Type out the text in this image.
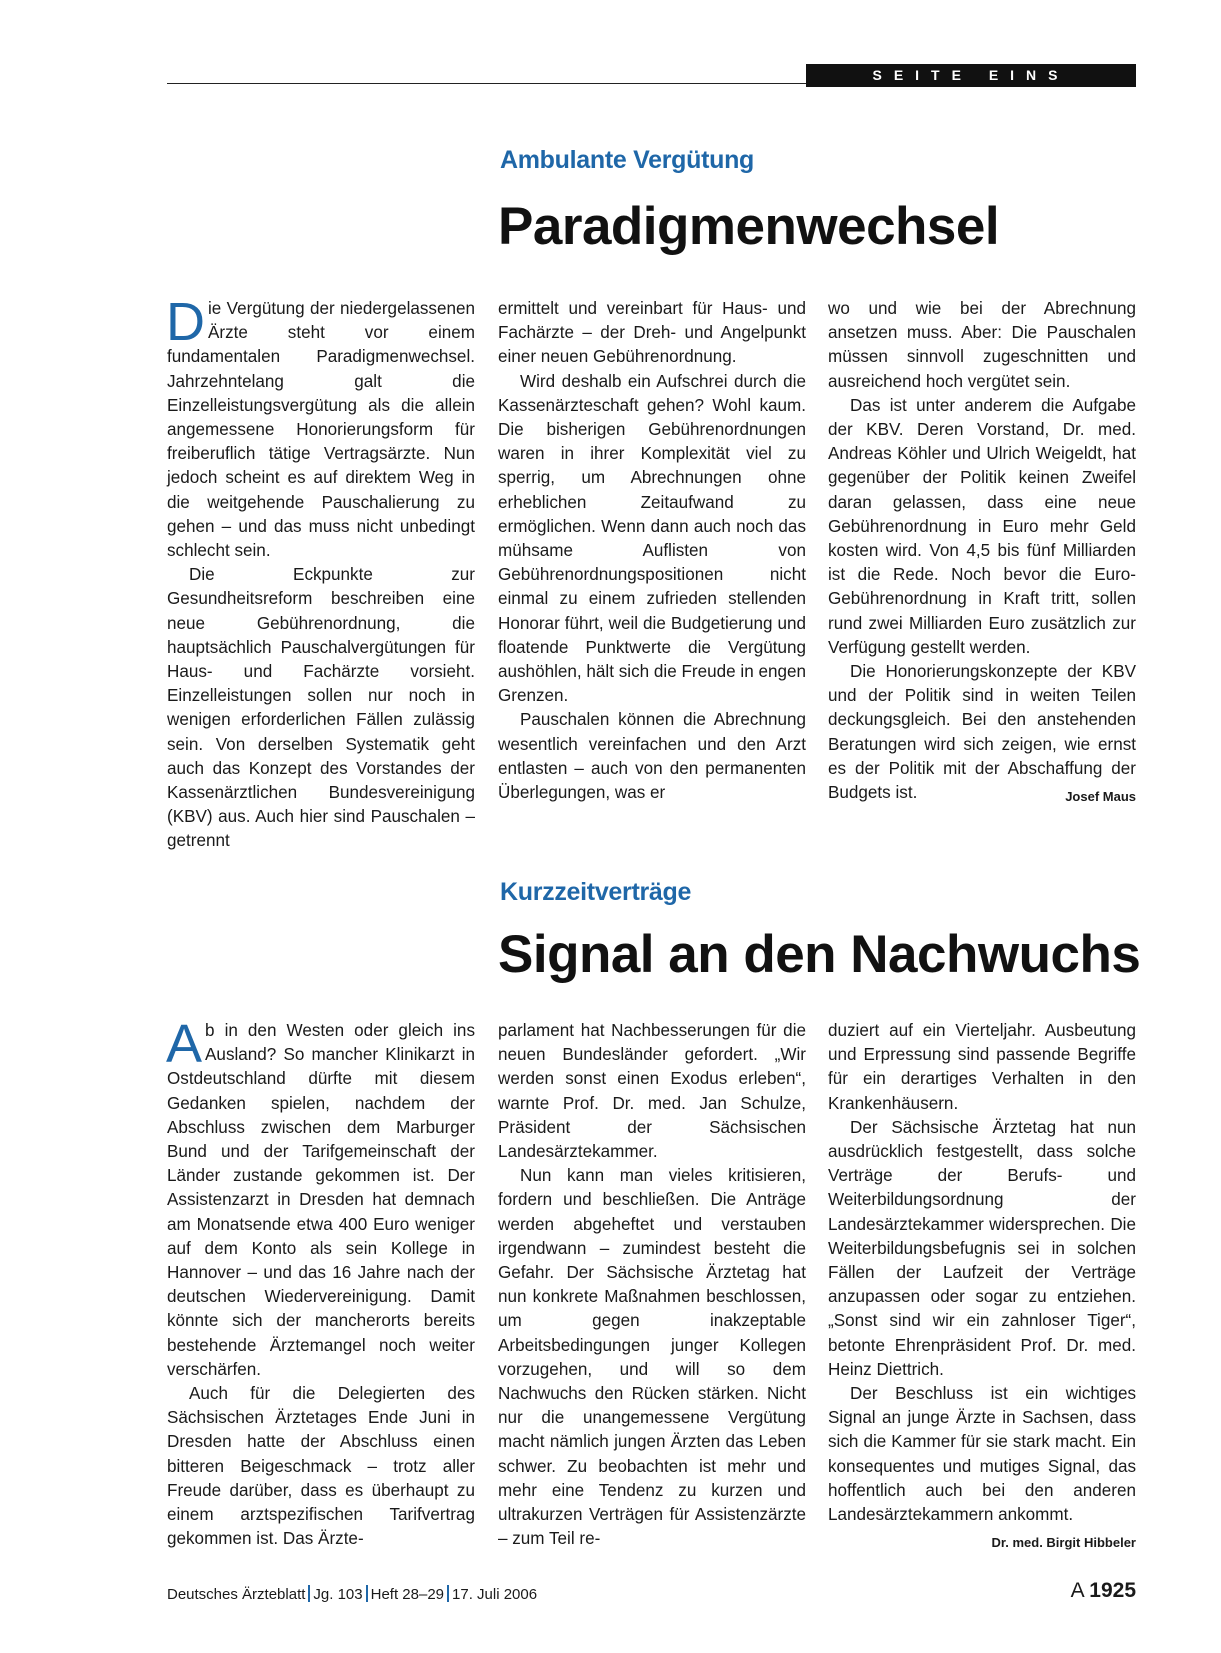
SEITE EINS
Ambulante Vergütung
Paradigmenwechsel

Die Vergütung der niedergelassenen Ärzte steht vor einem fundamentalen Paradigmenwechsel. Jahrzehntelang galt die Einzelleistungsvergütung als die allein angemessene Honorierungsform für freiberuflich tätige Vertragsärzte. Nun jedoch scheint es auf direktem Weg in die weitgehende Pauschalierung zu gehen – und das muss nicht unbedingt schlecht sein.

Die Eckpunkte zur Gesundheitsreform beschreiben eine neue Gebührenordnung, die hauptsächlich Pauschalvergütungen für Haus- und Fachärzte vorsieht. Einzelleistungen sollen nur noch in wenigen erforderlichen Fällen zulässig sein. Von derselben Systematik geht auch das Konzept des Vorstandes der Kassenärztlichen Bundesvereinigung (KBV) aus. Auch hier sind Pauschalen – getrennt

ermittelt und vereinbart für Haus- und Fachärzte – der Dreh- und Angelpunkt einer neuen Gebührenordnung.

Wird deshalb ein Aufschrei durch die Kassenärzteschaft gehen? Wohl kaum. Die bisherigen Gebührenordnungen waren in ihrer Komplexität viel zu sperrig, um Abrechnungen ohne erheblichen Zeitaufwand zu ermöglichen. Wenn dann auch noch das mühsame Auflisten von Gebührenordnungspositionen nicht einmal zu einem zufrieden stellenden Honorar führt, weil die Budgetierung und floatende Punktwerte die Vergütung aushöhlen, hält sich die Freude in engen Grenzen.

Pauschalen können die Abrechnung wesentlich vereinfachen und den Arzt entlasten – auch von den permanenten Überlegungen, was er

wo und wie bei der Abrechnung ansetzen muss. Aber: Die Pauschalen müssen sinnvoll zugeschnitten und ausreichend hoch vergütet sein.

Das ist unter anderem die Aufgabe der KBV. Deren Vorstand, Dr. med. Andreas Köhler und Ulrich Weigeldt, hat gegenüber der Politik keinen Zweifel daran gelassen, dass eine neue Gebührenordnung in Euro mehr Geld kosten wird. Von 4,5 bis fünf Milliarden ist die Rede. Noch bevor die Euro-Gebührenordnung in Kraft tritt, sollen rund zwei Milliarden Euro zusätzlich zur Verfügung gestellt werden.

Die Honorierungskonzepte der KBV und der Politik sind in weiten Teilen deckungsgleich. Bei den anstehenden Beratungen wird sich zeigen, wie ernst es der Politik mit der Abschaffung der Budgets ist.	Josef Maus

Kurzzeitverträge
Signal an den Nachwuchs

Ab in den Westen oder gleich ins Ausland? So mancher Klinikarzt in Ostdeutschland dürfte mit diesem Gedanken spielen, nachdem der Abschluss zwischen dem Marburger Bund und der Tarifgemeinschaft der Länder zustande gekommen ist. Der Assistenzarzt in Dresden hat demnach am Monatsende etwa 400 Euro weniger auf dem Konto als sein Kollege in Hannover – und das 16 Jahre nach der deutschen Wiedervereinigung. Damit könnte sich der mancherorts bereits bestehende Ärztemangel noch weiter verschärfen.

Auch für die Delegierten des Sächsischen Ärztetages Ende Juni in Dresden hatte der Abschluss einen bitteren Beigeschmack – trotz aller Freude darüber, dass es überhaupt zu einem arztspezifischen Tarifvertrag gekommen ist. Das Ärzte-

parlament hat Nachbesserungen für die neuen Bundesländer gefordert. „Wir werden sonst einen Exodus erleben“, warnte Prof. Dr. med. Jan Schulze, Präsident der Sächsischen Landesärztekammer.

Nun kann man vieles kritisieren, fordern und beschließen. Die Anträge werden abgeheftet und verstauben irgendwann – zumindest besteht die Gefahr. Der Sächsische Ärztetag hat nun konkrete Maßnahmen beschlossen, um gegen inakzeptable Arbeitsbedingungen junger Kollegen vorzugehen, und will so dem Nachwuchs den Rücken stärken. Nicht nur die unangemessene Vergütung macht nämlich jungen Ärzten das Leben schwer. Zu beobachten ist mehr und mehr eine Tendenz zu kurzen und ultrakurzen Verträgen für Assistenzärzte – zum Teil re-

duziert auf ein Vierteljahr. Ausbeutung und Erpressung sind passende Begriffe für ein derartiges Verhalten in den Krankenhäusern.

Der Sächsische Ärztetag hat nun ausdrücklich festgestellt, dass solche Verträge der Berufs- und Weiterbildungsordnung der Landesärztekammer widersprechen. Die Weiterbildungsbefugnis sei in solchen Fällen der Laufzeit der Verträge anzupassen oder sogar zu entziehen. „Sonst sind wir ein zahnloser Tiger“, betonte Ehrenpräsident Prof. Dr. med. Heinz Diettrich.

Der Beschluss ist ein wichtiges Signal an junge Ärzte in Sachsen, dass sich die Kammer für sie stark macht. Ein konsequentes und mutiges Signal, das hoffentlich auch bei den anderen Landesärztekammern ankommt.
Dr. med. Birgit Hibbeler

Deutsches Ärzteblatt Jg. 103 Heft 28–29 17. Juli 2006	A 1925
